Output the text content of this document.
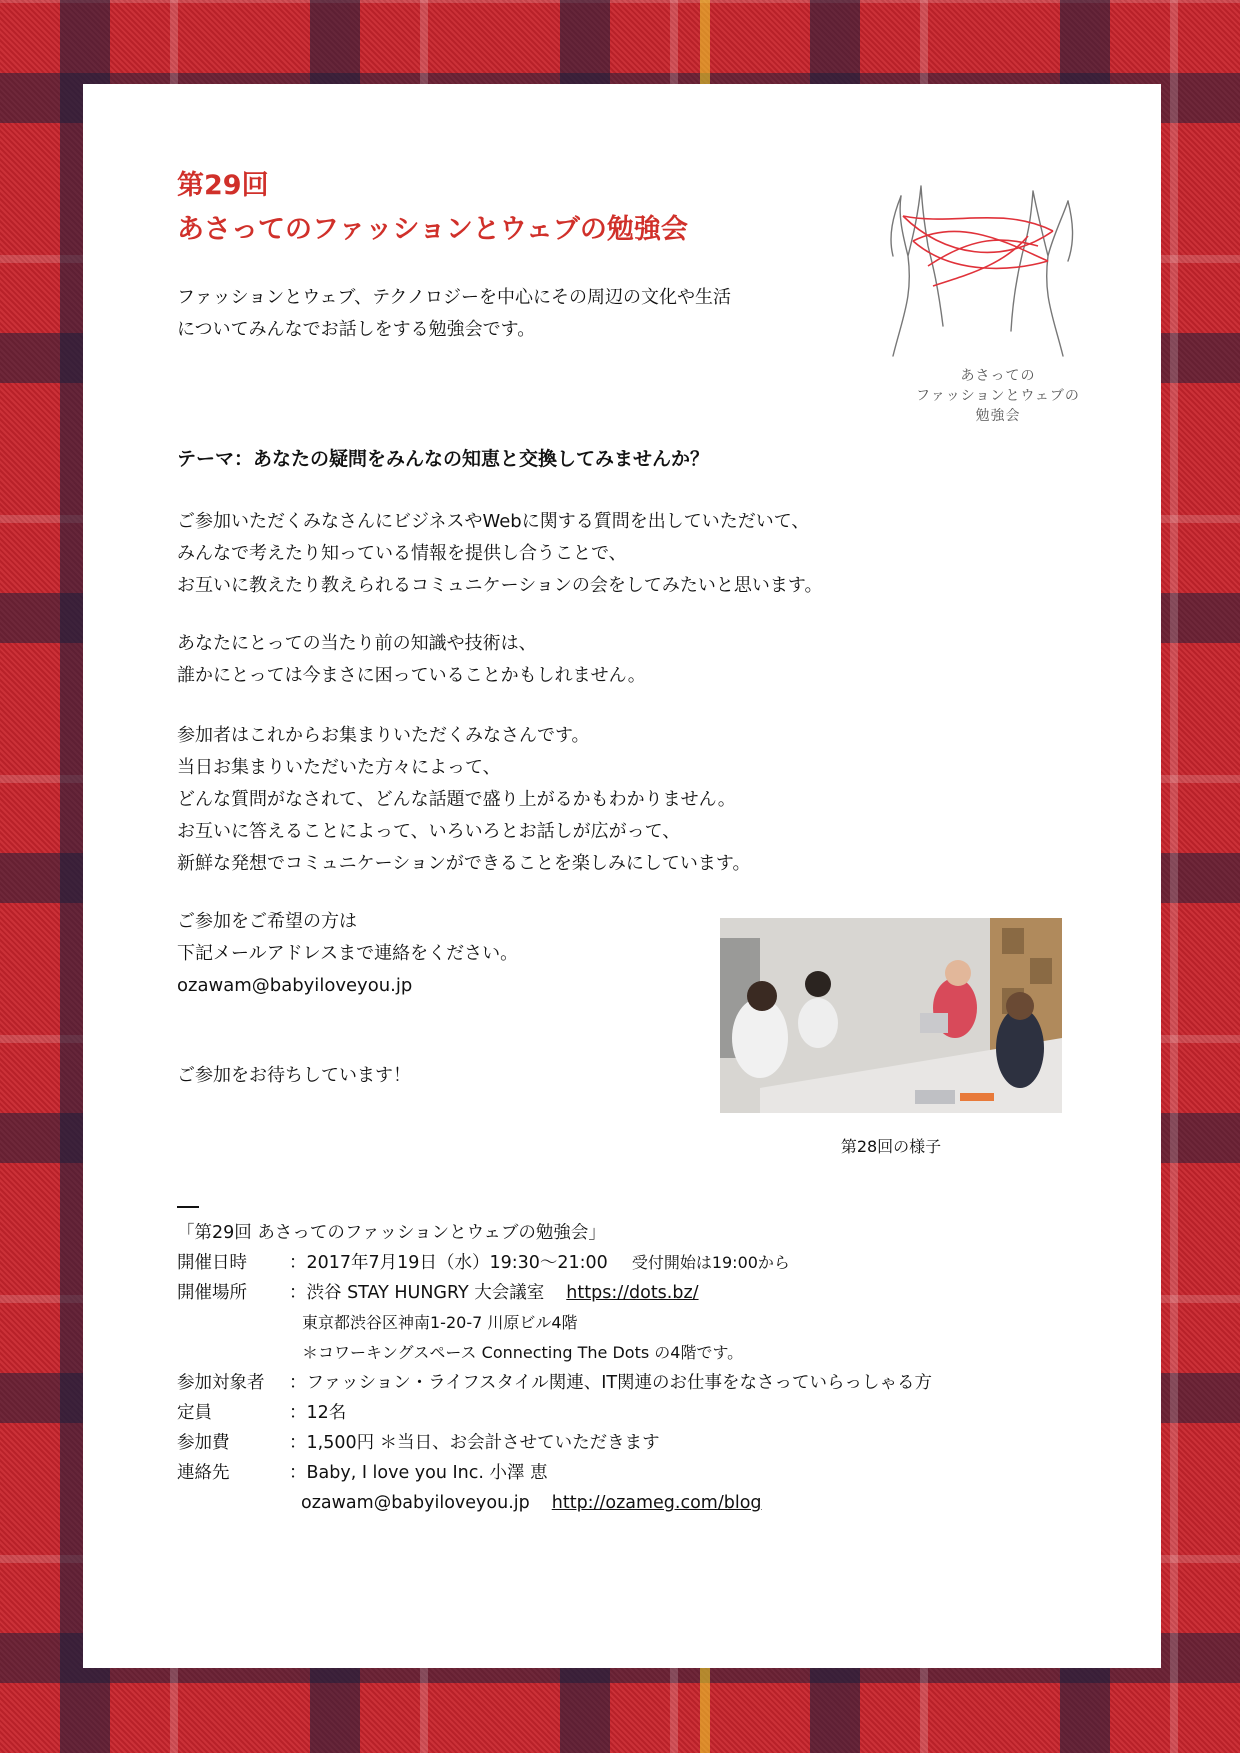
第29回
あさってのファッションとウェブの勉強会
あさっての
ファッションとウェブの
勉強会
ファッションとウェブ、テクノロジーを中心にその周辺の文化や生活
についてみんなでお話しをする勉強会です。
テーマ：あなたの疑問をみんなの知恵と交換してみませんか？
ご参加いただくみなさんにビジネスやWebに関する質問を出していただいて、
みんなで考えたり知っている情報を提供し合うことで、
お互いに教えたり教えられるコミュニケーションの会をしてみたいと思います。
あなたにとっての当たり前の知識や技術は、
誰かにとっては今まさに困っていることかもしれません。
参加者はこれからお集まりいただくみなさんです。
当日お集まりいただいた方々によって、
どんな質問がなされて、どんな話題で盛り上がるかもわかりません。
お互いに答えることによって、いろいろとお話しが広がって、
新鮮な発想でコミュニケーションができることを楽しみにしています。
ご参加をご希望の方は
下記メールアドレスまで連絡をください。
ozawam@babyiloveyou.jp
ご参加をお待ちしています！
第28回の様子
「第29回 あさってのファッションとウェブの勉強会」
開催日時	：2017年7月19日（水）19:30〜21:00 受付開始は19:00から
開催場所	：渋谷 STAY HUNGRY 大会議室 https://dots.bz/
東京都渋谷区神南1-20-7 川原ビル4階
＊コワーキングスペース Connecting The Dots の4階です。
参加対象者	：ファッション・ライフスタイル関連、IT関連のお仕事をなさっていらっしゃる方
定員	：12名
参加費	：1,500円 ＊当日、お会計させていただきます
連絡先	：Baby, I love you Inc. 小澤 恵
ozawam@babyiloveyou.jp http://ozameg.com/blog
